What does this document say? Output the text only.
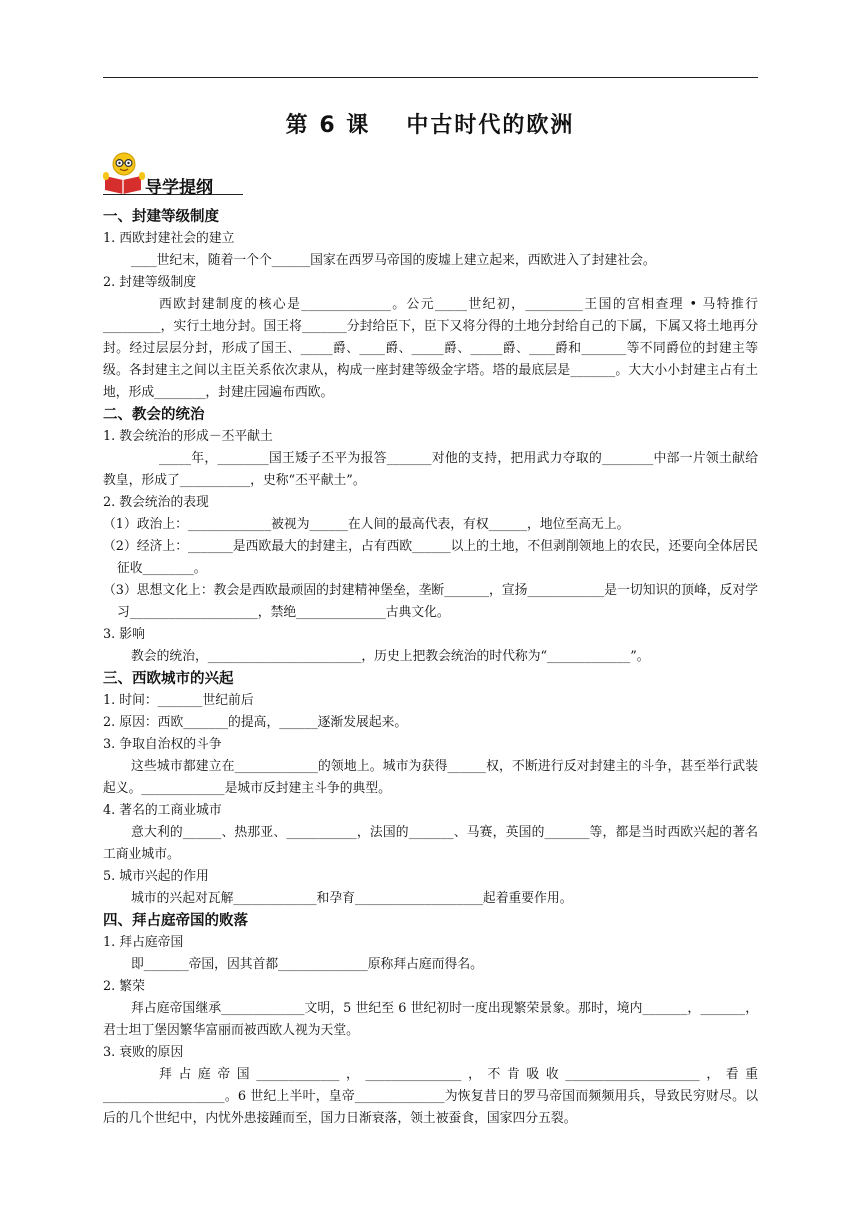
第 6 课 中古时代的欧洲
导学提纲
一、封建等级制度

1. 西欧封建社会的建立

____世纪末，随着一个个______国家在西罗马帝国的废墟上建立起来，西欧进入了封建社会。

2. 封建等级制度

西欧封建制度的核心是______________。公元_____世纪初，_________王国的宫相查理 • 马特推行_________，实行土地分封。国王将_______分封给臣下，臣下又将分得的土地分封给自己的下属，下属又将土地再分封。经过层层分封，形成了国王、_____爵、____爵、_____爵、_____爵、____爵和_______等不同爵位的封建主等级。各封建主之间以主臣关系依次隶从，构成一座封建等级金字塔。塔的最底层是_______。大大小小封建主占有土地，形成________，封建庄园遍布西欧。

二、教会的统治

1. 教会统治的形成－丕平献土

_____年，________国王矮子丕平为报答_______对他的支持，把用武力夺取的________中部一片领土献给教皇，形成了___________，史称“丕平献土”。

2. 教会统治的表现

（1）政治上：_____________被视为______在人间的最高代表，有权______，地位至高无上。

（2）经济上：_______是西欧最大的封建主，占有西欧______以上的土地，不但剥削领地上的农民，还要向全体居民征收________。

（3）思想文化上：教会是西欧最顽固的封建精神堡垒，垄断_______，宣扬____________是一切知识的顶峰，反对学习____________________，禁绝______________古典文化。

3. 影响

教会的统治，________________________，历史上把教会统治的时代称为“_____________”。

三、西欧城市的兴起

1. 时间：_______世纪前后

2. 原因：西欧_______的提高，______逐渐发展起来。

3. 争取自治权的斗争

这些城市都建立在_____________的领地上。城市为获得______权，不断进行反对封建主的斗争，甚至举行武装起义。_____________是城市反封建主斗争的典型。

4. 著名的工商业城市

意大利的______、热那亚、___________，法国的_______、马赛，英国的_______等，都是当时西欧兴起的著名工商业城市。

5. 城市兴起的作用

城市的兴起对瓦解_____________和孕育____________________起着重要作用。

四、拜占庭帝国的败落

1. 拜占庭帝国

即_______帝国，因其首都______________原称拜占庭而得名。

2. 繁荣

拜占庭帝国继承_____________文明，5 世纪至 6 世纪初时一度出现繁荣景象。那时，境内_______，_______，君士坦丁堡因繁华富丽而被西欧人视为天堂。

3. 衰败的原因

拜占庭帝国_____________，_______________，不肯吸收_____________________，看重___________________。6 世纪上半叶，皇帝______________为恢复昔日的罗马帝国而频频用兵，导致民穷财尽。以后的几个世纪中，内忧外患接踵而至，国力日渐衰落，领土被蚕食，国家四分五裂。
